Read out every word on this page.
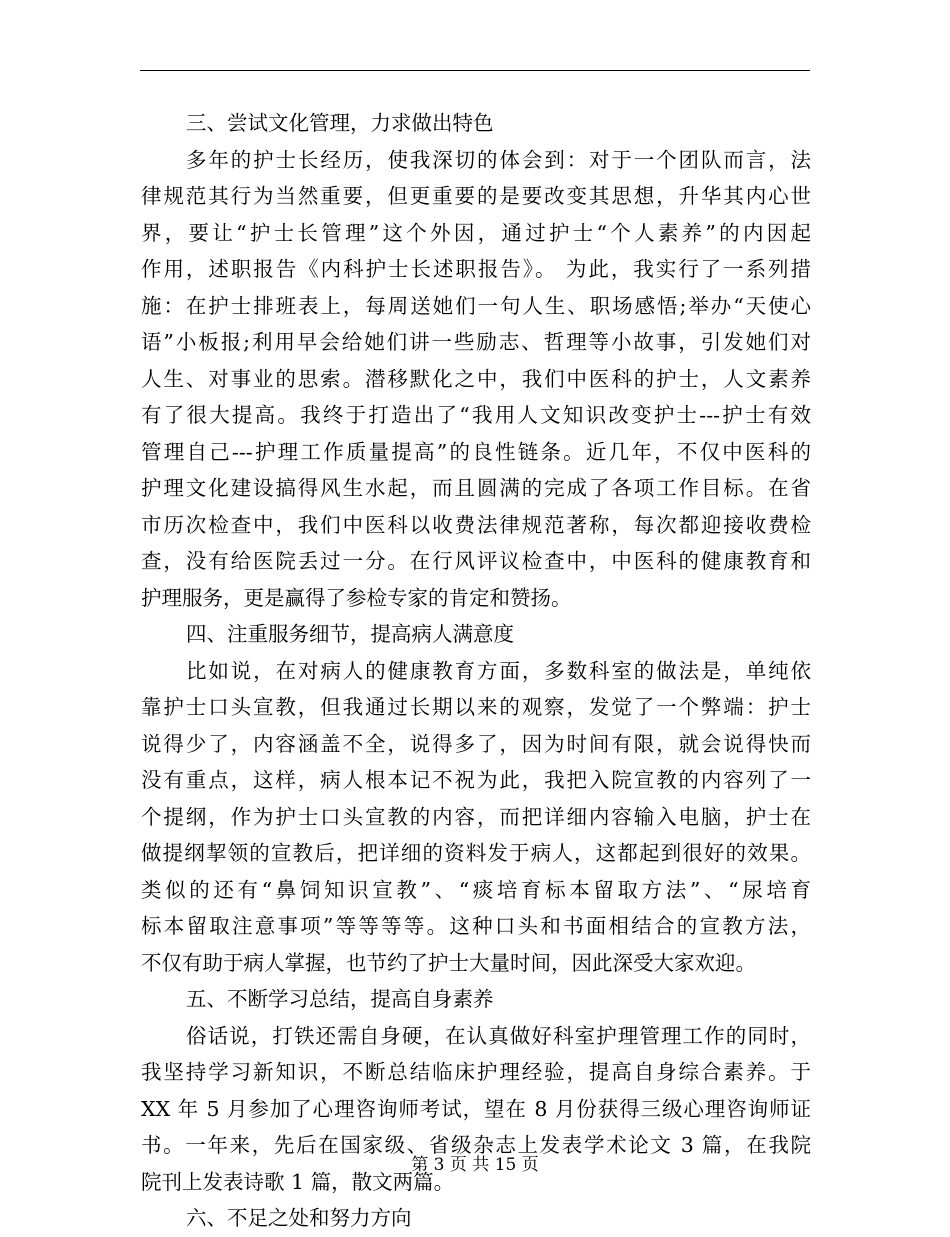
三、尝试文化管理，力求做出特色
多年的护士长经历，使我深切的体会到：对于一个团队而言，法
律规范其行为当然重要，但更重要的是要改变其思想，升华其内心世
界，要让“护士长管理”这个外因，通过护士“个人素养”的内因起
作用，述职报告《内科护士长述职报告》。 为此，我实行了一系列措
施：在护士排班表上，每周送她们一句人生、职场感悟;举办“天使心
语”小板报;利用早会给她们讲一些励志、哲理等小故事，引发她们对
人生、对事业的思索。潜移默化之中，我们中医科的护士，人文素养
有了很大提高。我终于打造出了“我用人文知识改变护士---护士有效
管理自己---护理工作质量提高”的良性链条。近几年，不仅中医科的
护理文化建设搞得风生水起，而且圆满的完成了各项工作目标。在省
市历次检查中，我们中医科以收费法律规范著称，每次都迎接收费检
查，没有给医院丢过一分。在行风评议检查中，中医科的健康教育和
护理服务，更是赢得了参检专家的肯定和赞扬。
四、注重服务细节，提高病人满意度
比如说，在对病人的健康教育方面，多数科室的做法是，单纯依
靠护士口头宣教，但我通过长期以来的观察，发觉了一个弊端：护士
说得少了，内容涵盖不全，说得多了，因为时间有限，就会说得快而
没有重点，这样，病人根本记不祝为此，我把入院宣教的内容列了一
个提纲，作为护士口头宣教的内容，而把详细内容输入电脑，护士在
做提纲挈领的宣教后，把详细的资料发于病人，这都起到很好的效果。
类似的还有“鼻饲知识宣教”、“痰培育标本留取方法”、“尿培育
标本留取注意事项”等等等等。这种口头和书面相结合的宣教方法，
不仅有助于病人掌握，也节约了护士大量时间，因此深受大家欢迎。
五、不断学习总结，提高自身素养
俗话说，打铁还需自身硬，在认真做好科室护理管理工作的同时，
我坚持学习新知识，不断总结临床护理经验，提高自身综合素养。于
XX 年 5 月参加了心理咨询师考试，望在 8 月份获得三级心理咨询师证
书。一年来，先后在国家级、省级杂志上发表学术论文 3 篇，在我院
院刊上发表诗歌 1 篇，散文两篇。
六、不足之处和努力方向
第 3 页 共 15 页
